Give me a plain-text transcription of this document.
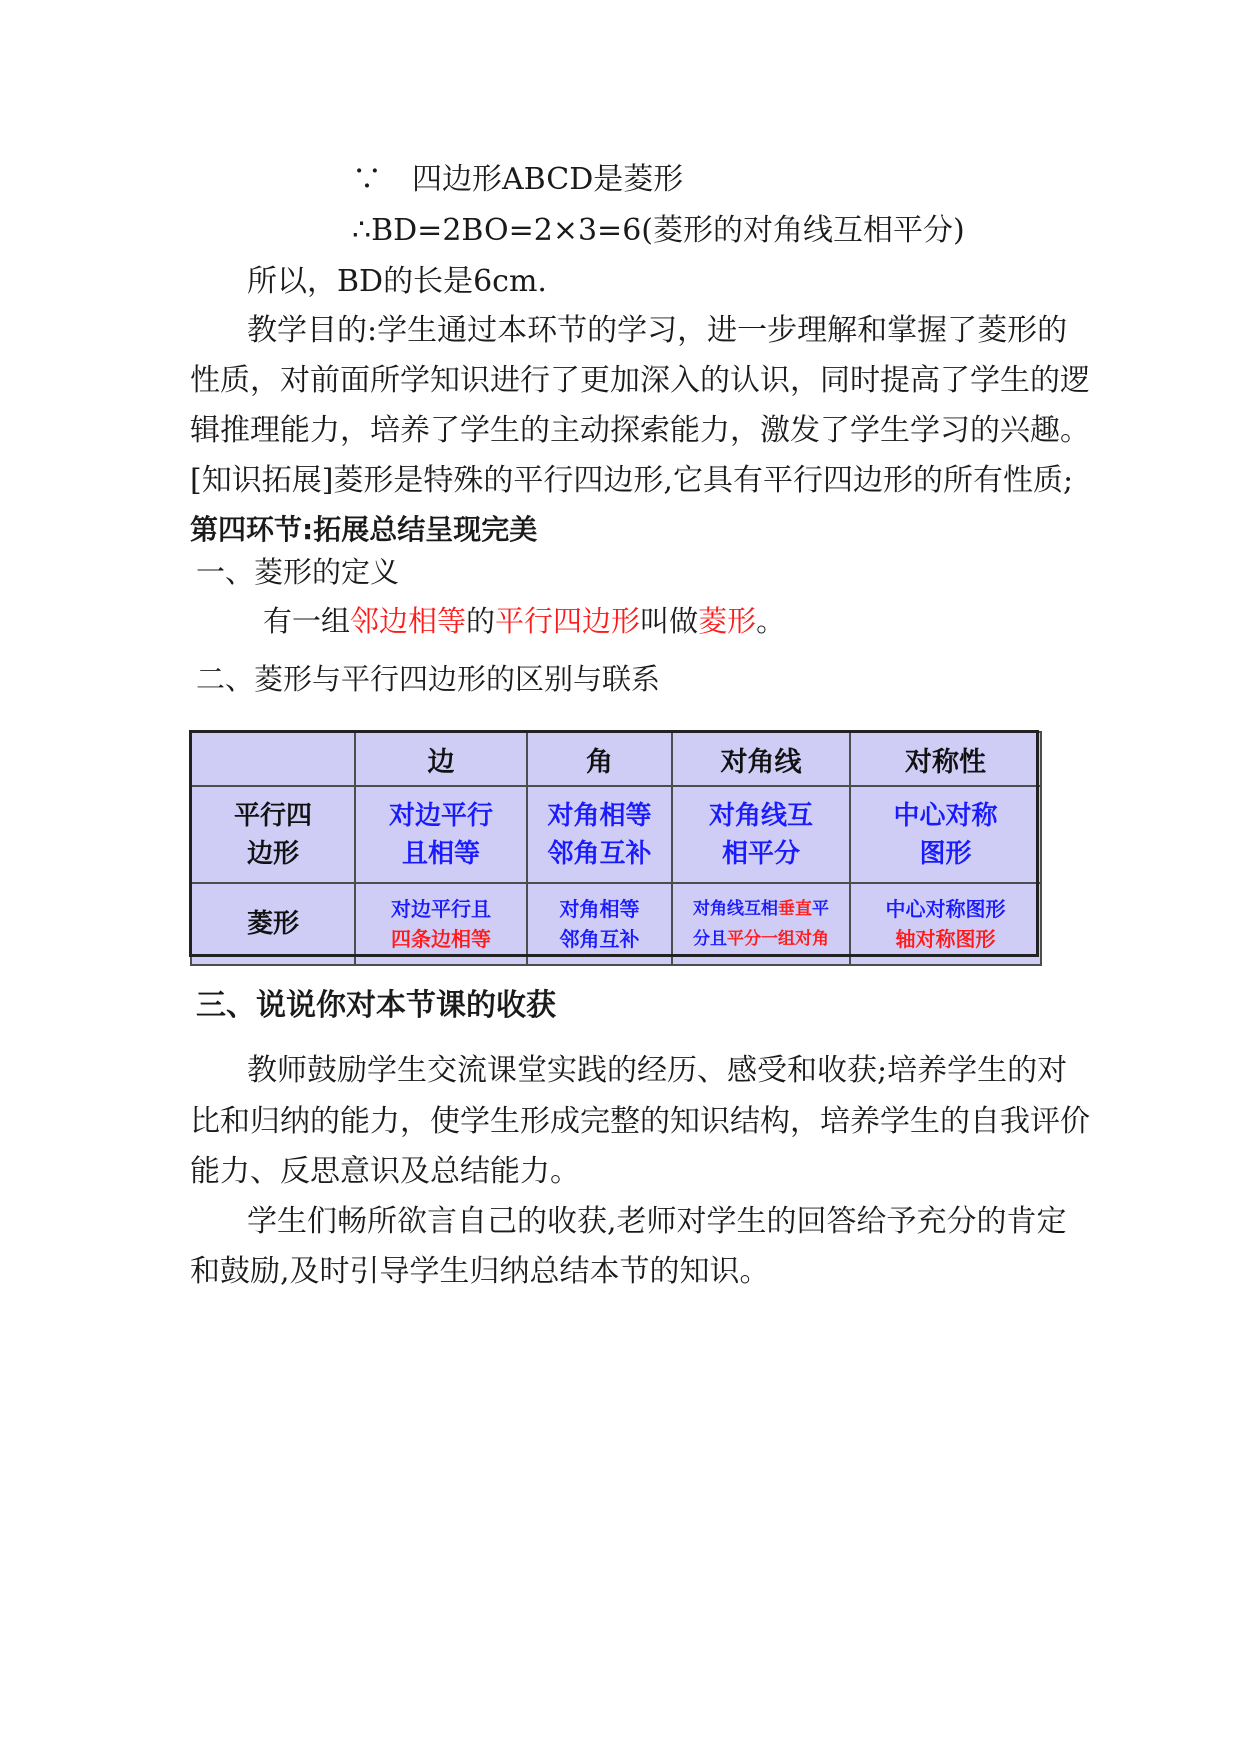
∵　四边形ABCD是菱形
∴BD=2BO=2×3=6(菱形的对角线互相平分)
所以，BD的长是6cm.
教学目的:学生通过本环节的学习，进一步理解和掌握了菱形的
性质，对前面所学知识进行了更加深入的认识，同时提高了学生的逻
辑推理能力，培养了学生的主动探索能力，激发了学生学习的兴趣。
[知识拓展]菱形是特殊的平行四边形,它具有平行四边形的所有性质;
第四环节:拓展总结呈现完美
一、菱形的定义
有一组邻边相等的平行四边形叫做菱形。
二、菱形与平行四边形的区别与联系
	边	角	对角线	对称性

平行四
边形	对边平行
且相等	对角相等
邻角互补	对角线互
相平分	中心对称
图形

菱形	对边平行且
四条边相等	对角相等
邻角互补	对角线互相垂直平
分且平分一组对角	中心对称图形
轴对称图形
三、说说你对本节课的收获
教师鼓励学生交流课堂实践的经历、感受和收获;培养学生的对
比和归纳的能力，使学生形成完整的知识结构，培养学生的自我评价
能力、反思意识及总结能力。
学生们畅所欲言自己的收获,老师对学生的回答给予充分的肯定
和鼓励,及时引导学生归纳总结本节的知识。
